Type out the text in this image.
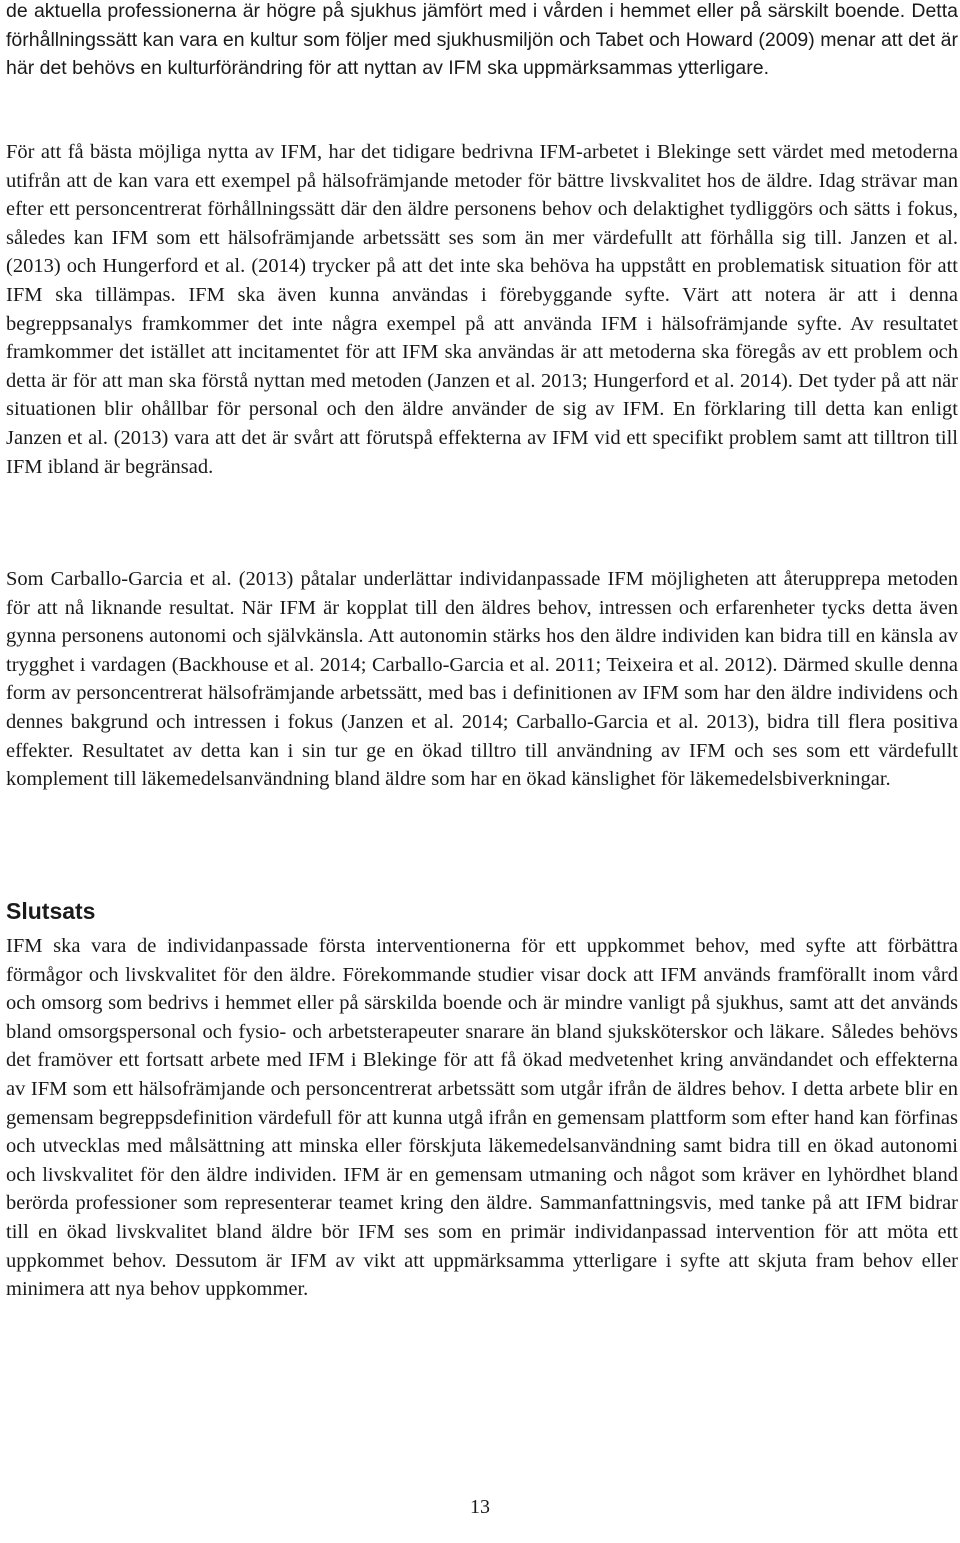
de aktuella professionerna är högre på sjukhus jämfört med i vården i hemmet eller på särskilt boende. Detta förhållningssätt kan vara en kultur som följer med sjukhusmiljön och Tabet och Howard (2009) menar att det är här det behövs en kulturförändring för att nyttan av IFM ska uppmärksammas ytterligare.

För att få bästa möjliga nytta av IFM, har det tidigare bedrivna IFM-arbetet i Blekinge sett värdet med metoderna utifrån att de kan vara ett exempel på hälsofrämjande metoder för bättre livskvalitet hos de äldre. Idag strävar man efter ett personcentrerat förhållningssätt där den äldre personens behov och delaktighet tydliggörs och sätts i fokus, således kan IFM som ett hälsofrämjande arbetssätt ses som än mer värdefullt att förhålla sig till. Janzen et al. (2013) och Hungerford et al. (2014) trycker på att det inte ska behöva ha uppstått en problematisk situation för att IFM ska tillämpas. IFM ska även kunna användas i förebyggande syfte. Värt att notera är att i denna begreppsanalys framkommer det inte några exempel på att använda IFM i hälsofrämjande syfte. Av resultatet framkommer det istället att incitamentet för att IFM ska användas är att metoderna ska föregås av ett problem och detta är för att man ska förstå nyttan med metoden (Janzen et al. 2013; Hungerford et al. 2014). Det tyder på att när situationen blir ohållbar för personal och den äldre använder de sig av IFM. En förklaring till detta kan enligt Janzen et al. (2013) vara att det är svårt att förutspå effekterna av IFM vid ett specifikt problem samt att tilltron till IFM ibland är begränsad.

Som Carballo-Garcia et al. (2013) påtalar underlättar individanpassade IFM möjligheten att återupprepa metoden för att nå liknande resultat. När IFM är kopplat till den äldres behov, intressen och erfarenheter tycks detta även gynna personens autonomi och självkänsla. Att autonomin stärks hos den äldre individen kan bidra till en känsla av trygghet i vardagen (Backhouse et al. 2014; Carballo-Garcia et al. 2011; Teixeira et al. 2012). Därmed skulle denna form av personcentrerat hälsofrämjande arbetssätt, med bas i definitionen av IFM som har den äldre individens och dennes bakgrund och intressen i fokus (Janzen et al. 2014; Carballo-Garcia et al. 2013), bidra till flera positiva effekter. Resultatet av detta kan i sin tur ge en ökad tilltro till användning av IFM och ses som ett värdefullt komplement till läkemedelsanvändning bland äldre som har en ökad känslighet för läkemedelsbiverkningar.

Slutsats

IFM ska vara de individanpassade första interventionerna för ett uppkommet behov, med syfte att förbättra förmågor och livskvalitet för den äldre. Förekommande studier visar dock att IFM används framförallt inom vård och omsorg som bedrivs i hemmet eller på särskilda boende och är mindre vanligt på sjukhus, samt att det används bland omsorgspersonal och fysio- och arbetsterapeuter snarare än bland sjuksköterskor och läkare. Således behövs det framöver ett fortsatt arbete med IFM i Blekinge för att få ökad medvetenhet kring användandet och effekterna av IFM som ett hälsofrämjande och personcentrerat arbetssätt som utgår ifrån de äldres behov. I detta arbete blir en gemensam begreppsdefinition värdefull för att kunna utgå ifrån en gemensam plattform som efter hand kan förfinas och utvecklas med målsättning att minska eller förskjuta läkemedelsanvändning samt bidra till en ökad autonomi och livskvalitet för den äldre individen. IFM är en gemensam utmaning och något som kräver en lyhördhet bland berörda professioner som representerar teamet kring den äldre. Sammanfattningsvis, med tanke på att IFM bidrar till en ökad livskvalitet bland äldre bör IFM ses som en primär individanpassad intervention för att möta ett uppkommet behov. Dessutom är IFM av vikt att uppmärksamma ytterligare i syfte att skjuta fram behov eller minimera att nya behov uppkommer.

13
